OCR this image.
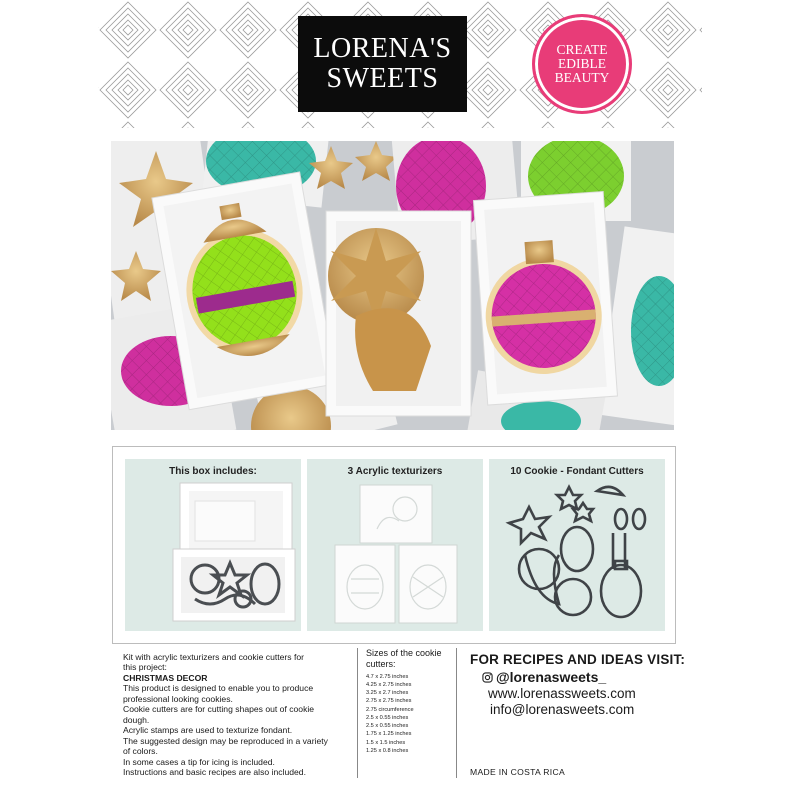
LORENA'S
SWEETS
CREATE
EDIBLE
BEAUTY
This box includes:	3 Acrylic texturizers	10 Cookie - Fondant Cutters
Kit with acrylic texturizers and cookie cutters for
this project:
CHRISTMAS DECOR
This product is designed to enable you to produce
professional looking cookies.
Cookie cutters are for cutting shapes out of cookie
dough.
Acrylic stamps are used to texturize fondant.
The suggested design may be reproduced in a variety
of colors.
In some cases a tip for icing is included.
Instructions and basic recipes are also included.
Sizes of the cookie
cutters:
4.7 x 2.75 inches
4.25 x 2.75 inches
3.25 x 2.7 inches
2.75 x 2.75 inches
2.75 circumference
2.5 x 0.55 inches
2.5 x 0.55 inches
1.75 x 1.25 inches
1.5 x 1.5 inches
1.25 x 0.8 inches
FOR RECIPES AND IDEAS VISIT:
@lorenasweets_
www.lorenassweets.com
info@lorenasweets.com
MADE IN COSTA RICA
